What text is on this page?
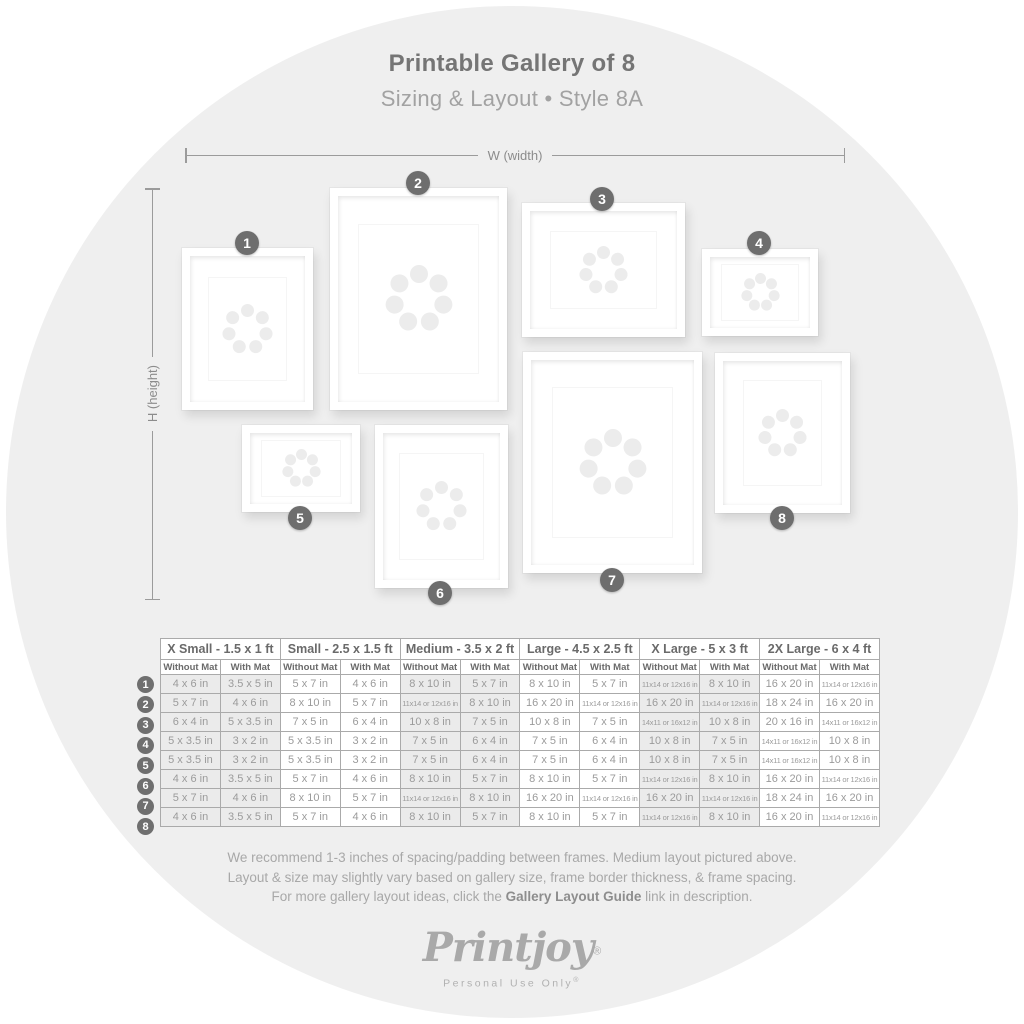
Printable Gallery of 8
Sizing & Layout • Style 8A
W (width)
H (height)
1
2
3
4
5
6
7
8
1
2
3
4
5
6
7
8
X Small - 1.5 x 1 ft		Small - 2.5 x 1.5 ft		Medium - 3.5 x 2 ft		Large - 4.5 x 2.5 ft		X Large - 5 x 3 ft		2X Large - 6 x 4 ft	
Without Mat	With Mat	Without Mat	With Mat	Without Mat	With Mat	Without Mat	With Mat	Without Mat	With Mat	Without Mat	With Mat
4 x 6 in	3.5 x 5 in	5 x 7 in	4 x 6 in	8 x 10 in	5 x 7 in	8 x 10 in	5 x 7 in	11x14 or 12x16 in	8 x 10 in	16 x 20 in	11x14 or 12x16 in
5 x 7 in	4 x 6 in	8 x 10 in	5 x 7 in	11x14 or 12x16 in	8 x 10 in	16 x 20 in	11x14 or 12x16 in	16 x 20 in	11x14 or 12x16 in	18 x 24 in	16 x 20 in
6 x 4 in	5 x 3.5 in	7 x 5 in	6 x 4 in	10 x 8 in	7 x 5 in	10 x 8 in	7 x 5 in	14x11 or 16x12 in	10 x 8 in	20 x 16 in	14x11 or 16x12 in
5 x 3.5 in	3 x 2 in	5 x 3.5 in	3 x 2 in	7 x 5 in	6 x 4 in	7 x 5 in	6 x 4 in	10 x 8 in	7 x 5 in	14x11 or 16x12 in	10 x 8 in
5 x 3.5 in	3 x 2 in	5 x 3.5 in	3 x 2 in	7 x 5 in	6 x 4 in	7 x 5 in	6 x 4 in	10 x 8 in	7 x 5 in	14x11 or 16x12 in	10 x 8 in
4 x 6 in	3.5 x 5 in	5 x 7 in	4 x 6 in	8 x 10 in	5 x 7 in	8 x 10 in	5 x 7 in	11x14 or 12x16 in	8 x 10 in	16 x 20 in	11x14 or 12x16 in
5 x 7 in	4 x 6 in	8 x 10 in	5 x 7 in	11x14 or 12x16 in	8 x 10 in	16 x 20 in	11x14 or 12x16 in	16 x 20 in	11x14 or 12x16 in	18 x 24 in	16 x 20 in
4 x 6 in	3.5 x 5 in	5 x 7 in	4 x 6 in	8 x 10 in	5 x 7 in	8 x 10 in	5 x 7 in	11x14 or 12x16 in	8 x 10 in	16 x 20 in	11x14 or 12x16 in
We recommend 1-3 inches of spacing/padding between frames. Medium layout pictured above.
Layout & size may slightly vary based on gallery size, frame border thickness, & frame spacing.
For more gallery layout ideas, click the Gallery Layout Guide link in description.
Printjoy®
Personal Use Only®
